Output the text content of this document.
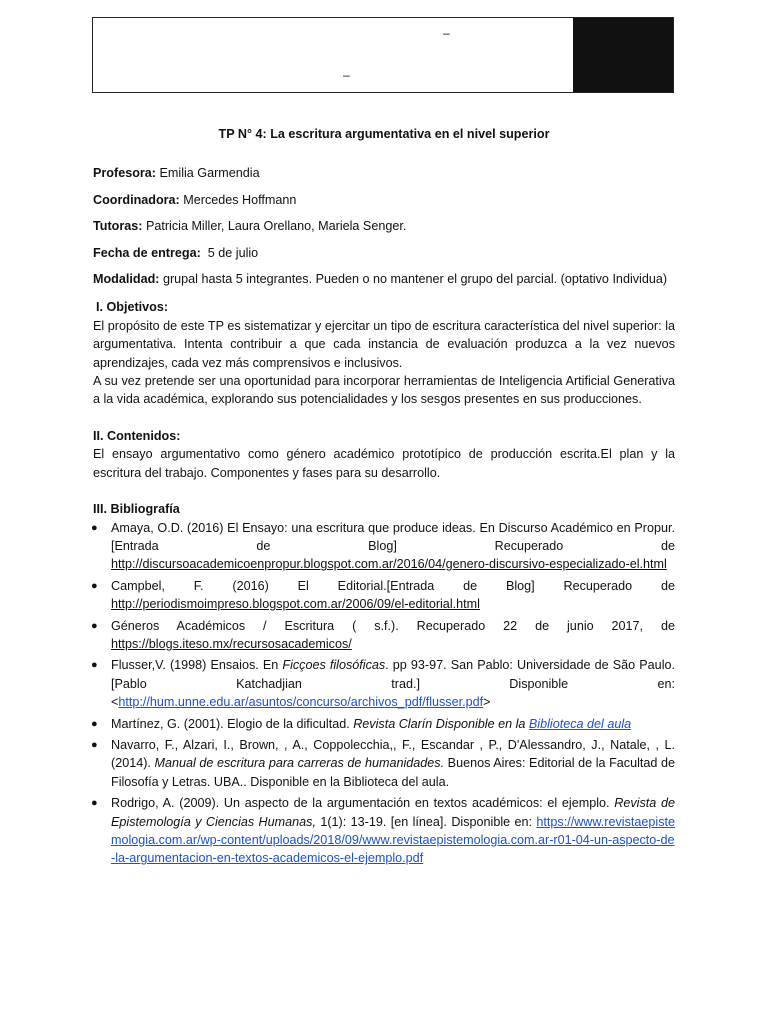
–
–
TP N° 4: La escritura argumentativa en el nivel superior
Profesora: Emilia Garmendia
Coordinadora: Mercedes Hoffmann
Tutoras: Patricia Miller, Laura Orellano, Mariela Senger.
Fecha de entrega:  5 de julio
Modalidad: grupal hasta 5 integrantes. Pueden o no mantener el grupo del parcial. (optativo Individua)
I. Objetivos:

El propósito de este TP es sistematizar y ejercitar un tipo de escritura característica del nivel superior: la argumentativa. Intenta contribuir a que cada instancia de evaluación produzca a la vez nuevos aprendizajes, cada vez más comprensivos e inclusivos.

A su vez pretende ser una oportunidad para incorporar herramientas de Inteligencia Artificial Generativa a la vida académica, explorando sus potencialidades y los sesgos presentes en sus producciones.

II. Contenidos:

El ensayo argumentativo como género académico prototípico de producción escrita.El plan y la escritura del trabajo. Componentes y fases para su desarrollo.

III. Bibliografía
● Amaya, O.D. (2016) El Ensayo: una escritura que produce ideas. En Discurso Académico en Propur. [Entrada de Blog] Recuperado de http://discursoacademicoenpropur.blogspot.com.ar/2016/04/genero-discursivo-especializado-el.html
● Campbel, F. (2016) El Editorial.[Entrada de Blog] Recuperado de http://periodismoimpreso.blogspot.com.ar/2006/09/el-editorial.html
● Géneros Académicos / Escritura ( s.f.). Recuperado 22 de junio 2017, de https://blogs.iteso.mx/recursosacademicos/
● Flusser,V. (1998) Ensaios. En Ficçoes filosóficas. pp 93-97. San Pablo: Universidade de São Paulo. [Pablo Katchadjian trad.] Disponible en: <http://hum.unne.edu.ar/asuntos/concurso/archivos_pdf/flusser.pdf>
● Martínez, G. (2001). Elogio de la dificultad. Revista Clarín Disponible en la Biblioteca del aula
● Navarro, F., Alzari, I., Brown, , A., Coppolecchia,, F., Escandar , P., D'Alessandro, J., Natale, , L. (2014). Manual de escritura para carreras de humanidades. Buenos Aires: Editorial de la Facultad de Filosofía y Letras. UBA.. Disponible en la Biblioteca del aula.
● Rodrigo, A. (2009). Un aspecto de la argumentación en textos académicos: el ejemplo. Revista de Epistemología y Ciencias Humanas, 1(1): 13-19. [en línea]. Disponible en: https://www.revistaepistemologia.com.ar/wp-content/uploads/2018/09/www.revistaepistemologia.com.ar-r01-04-un-aspecto-de-la-argumentacion-en-textos-academicos-el-ejemplo.pdf
